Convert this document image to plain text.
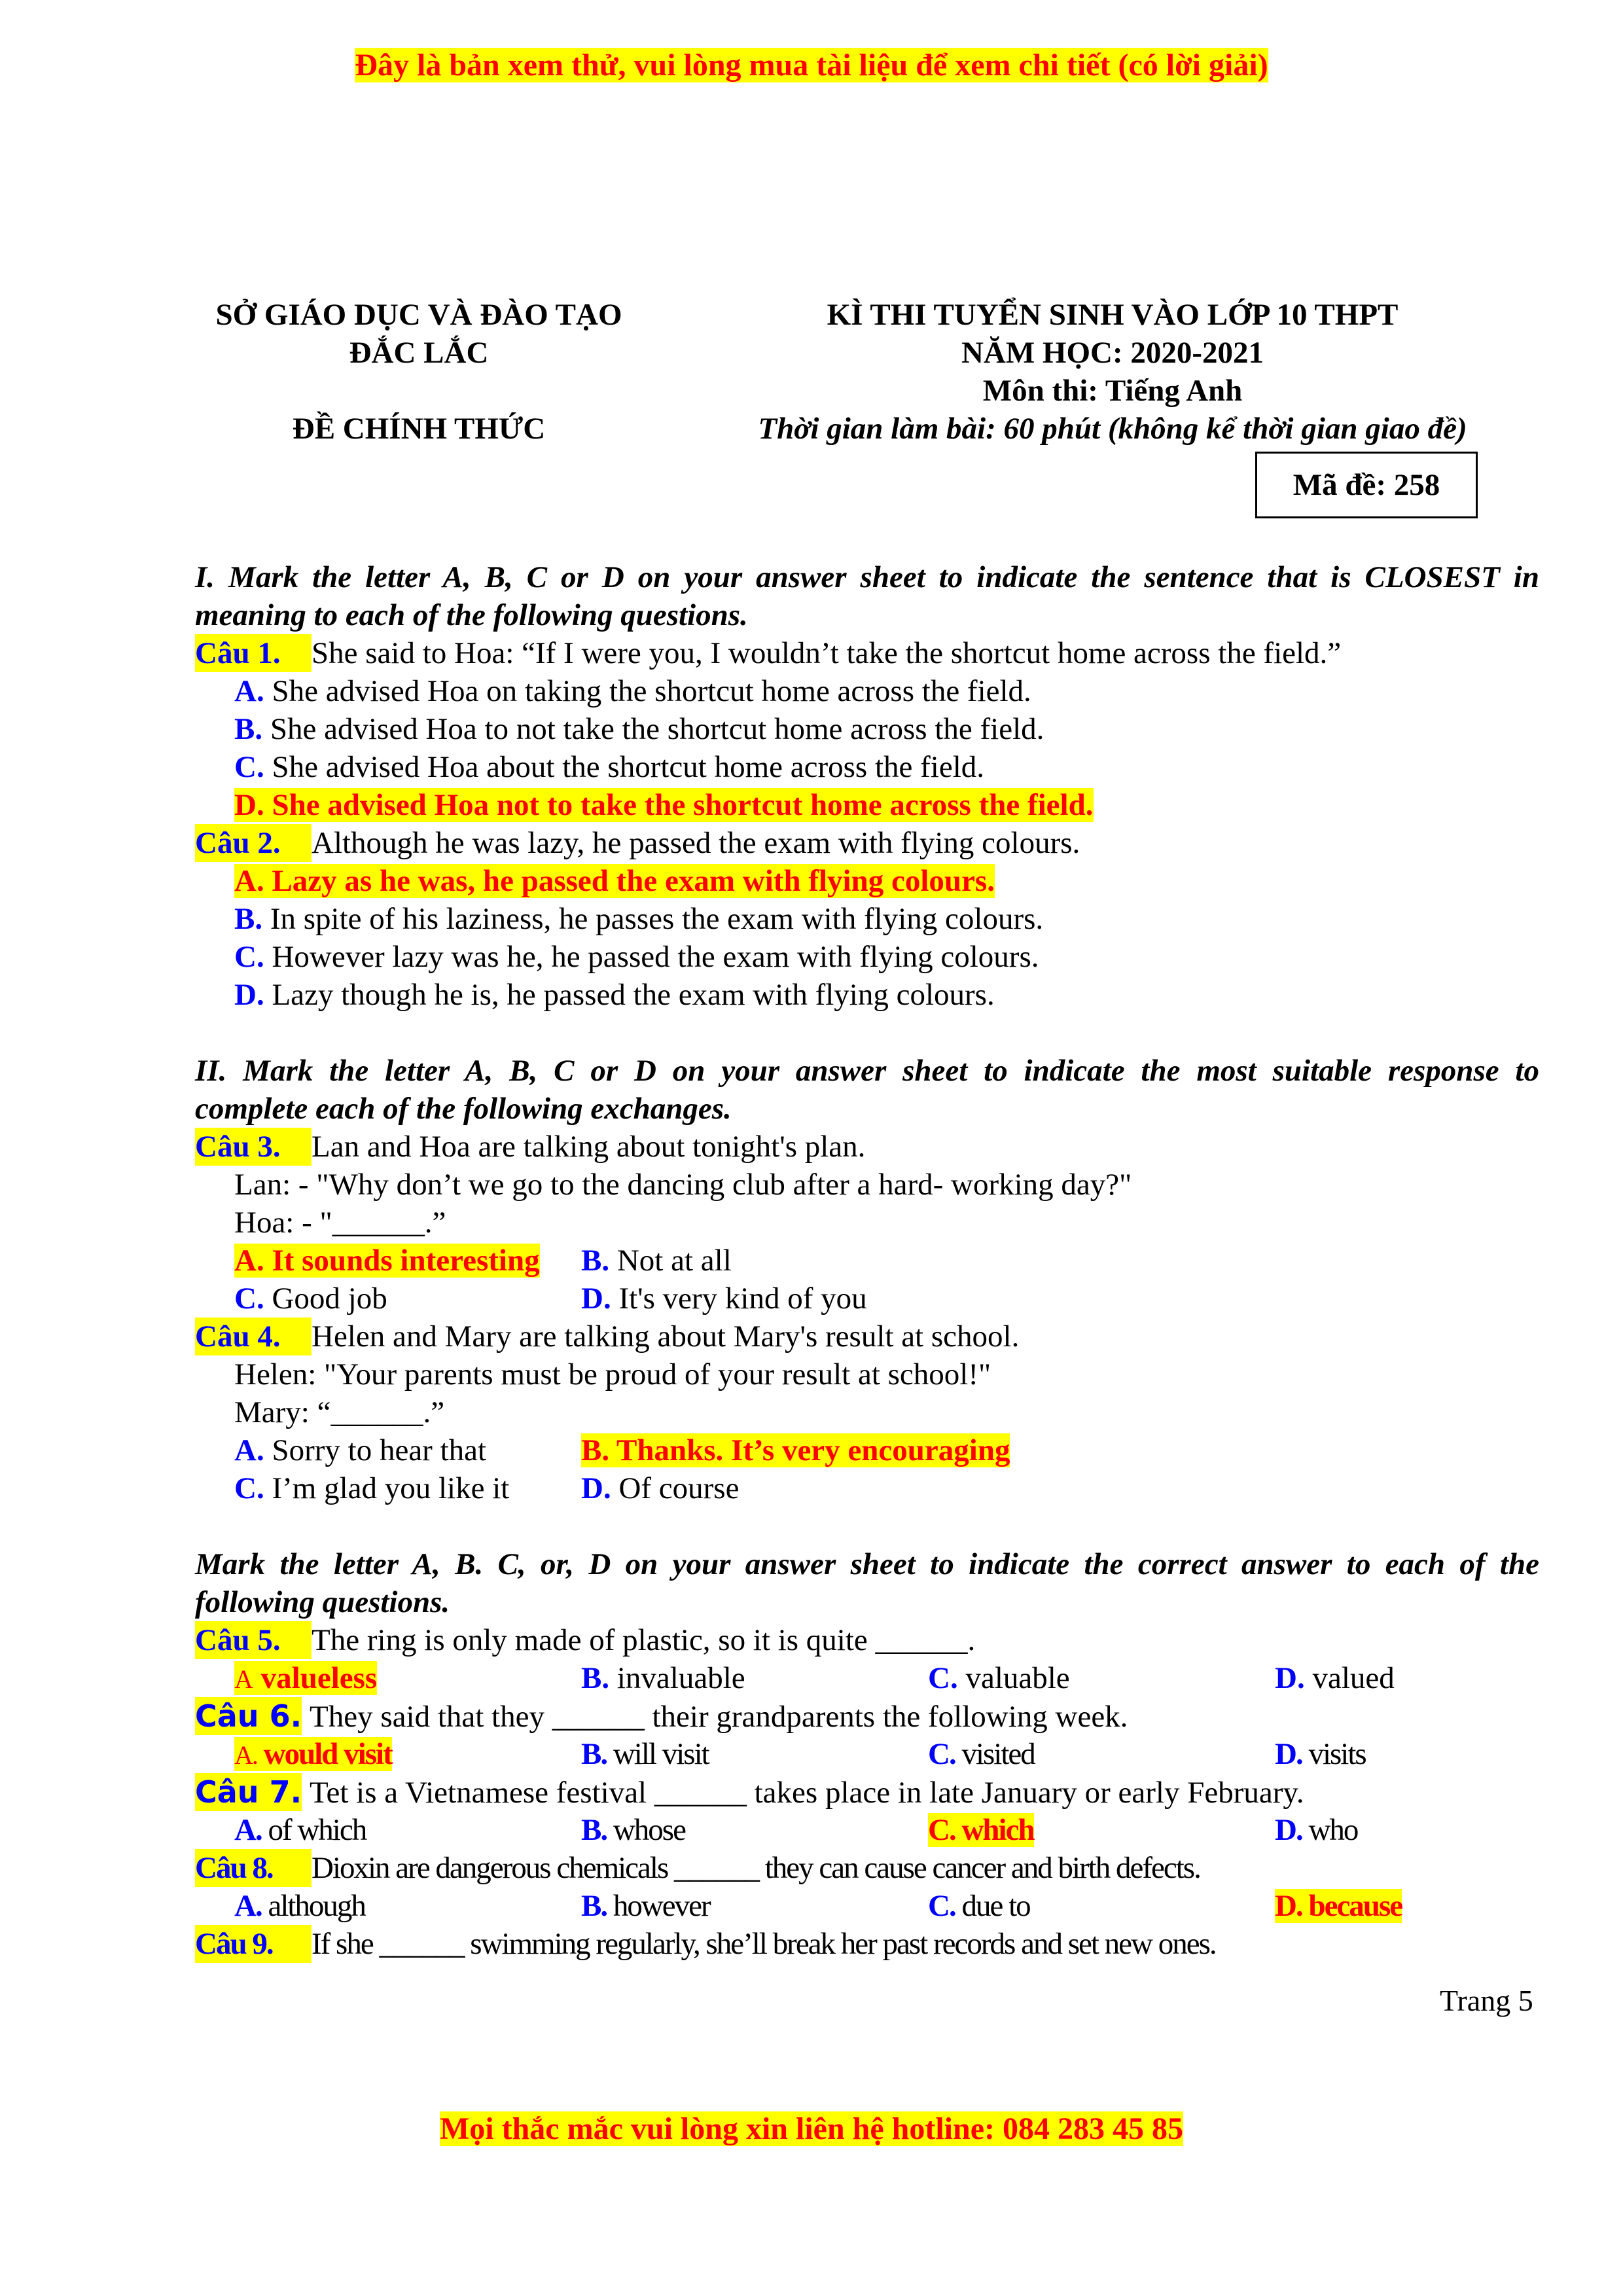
Đây là bản xem thử, vui lòng mua tài liệu để xem chi tiết (có lời giải)
SỞ GIÁO DỤC VÀ ĐÀO TẠO
ĐẮC LẮC
ĐỀ CHÍNH THỨC
KÌ THI TUYỂN SINH VÀO LỚP 10 THPT
NĂM HỌC: 2020-2021
Môn thi: Tiếng Anh
Thời gian làm bài: 60 phút (không kể thời gian giao đề)
Mã đề: 258
I. Mark the letter A, B, C or D on your answer sheet to indicate the sentence that is CLOSEST in
meaning to each of the following questions.
Câu 1. She said to Hoa: “If I were you, I wouldn’t take the shortcut home across the field.”
A. She advised Hoa on taking the shortcut home across the field.
B. She advised Hoa to not take the shortcut home across the field.
C. She advised Hoa about the shortcut home across the field.
D. She advised Hoa not to take the shortcut home across the field.
Câu 2. Although he was lazy, he passed the exam with flying colours.
A. Lazy as he was, he passed the exam with flying colours.
B. In spite of his laziness, he passes the exam with flying colours.
C. However lazy was he, he passed the exam with flying colours.
D. Lazy though he is, he passed the exam with flying colours.
II. Mark the letter A, B, C or D on your answer sheet to indicate the most suitable response to
complete each of the following exchanges.
Câu 3. Lan and Hoa are talking about tonight's plan.
Lan: - "Why don’t we go to the dancing club after a hard- working day?"
Hoa: - "______.”
A. It sounds interesting B. Not at all
C. Good job	D. It's very kind of you
Câu 4. Helen and Mary are talking about Mary's result at school.
Helen: "Your parents must be proud of your result at school!"
Mary: “______.”
A. Sorry to hear that	B. Thanks. It’s very encouraging
C. I’m glad you like it D. Of course
Mark the letter A, B. C, or, D on your answer sheet to indicate the correct answer to each of the
following questions.
Câu 5. The ring is only made of plastic, so it is quite ______.
A valueless	B. invaluable	C. valuable	D. valued
Câu 6. They said that they ______ their grandparents the following week.
A. would visit	B. will visit	C. visited	D. visits
Câu 7. Tet is a Vietnamese festival ______ takes place in late January or early February.
A. of which	B. whose	C. which	D. who
Câu 8. Dioxin are dangerous chemicals ______ they can cause cancer and birth defects.
A. although	B. however	C. due to	D. because
Câu 9. If she ______ swimming regularly, she’ll break her past records and set new ones.
Trang 5
Mọi thắc mắc vui lòng xin liên hệ hotline: 084 283 45 85
